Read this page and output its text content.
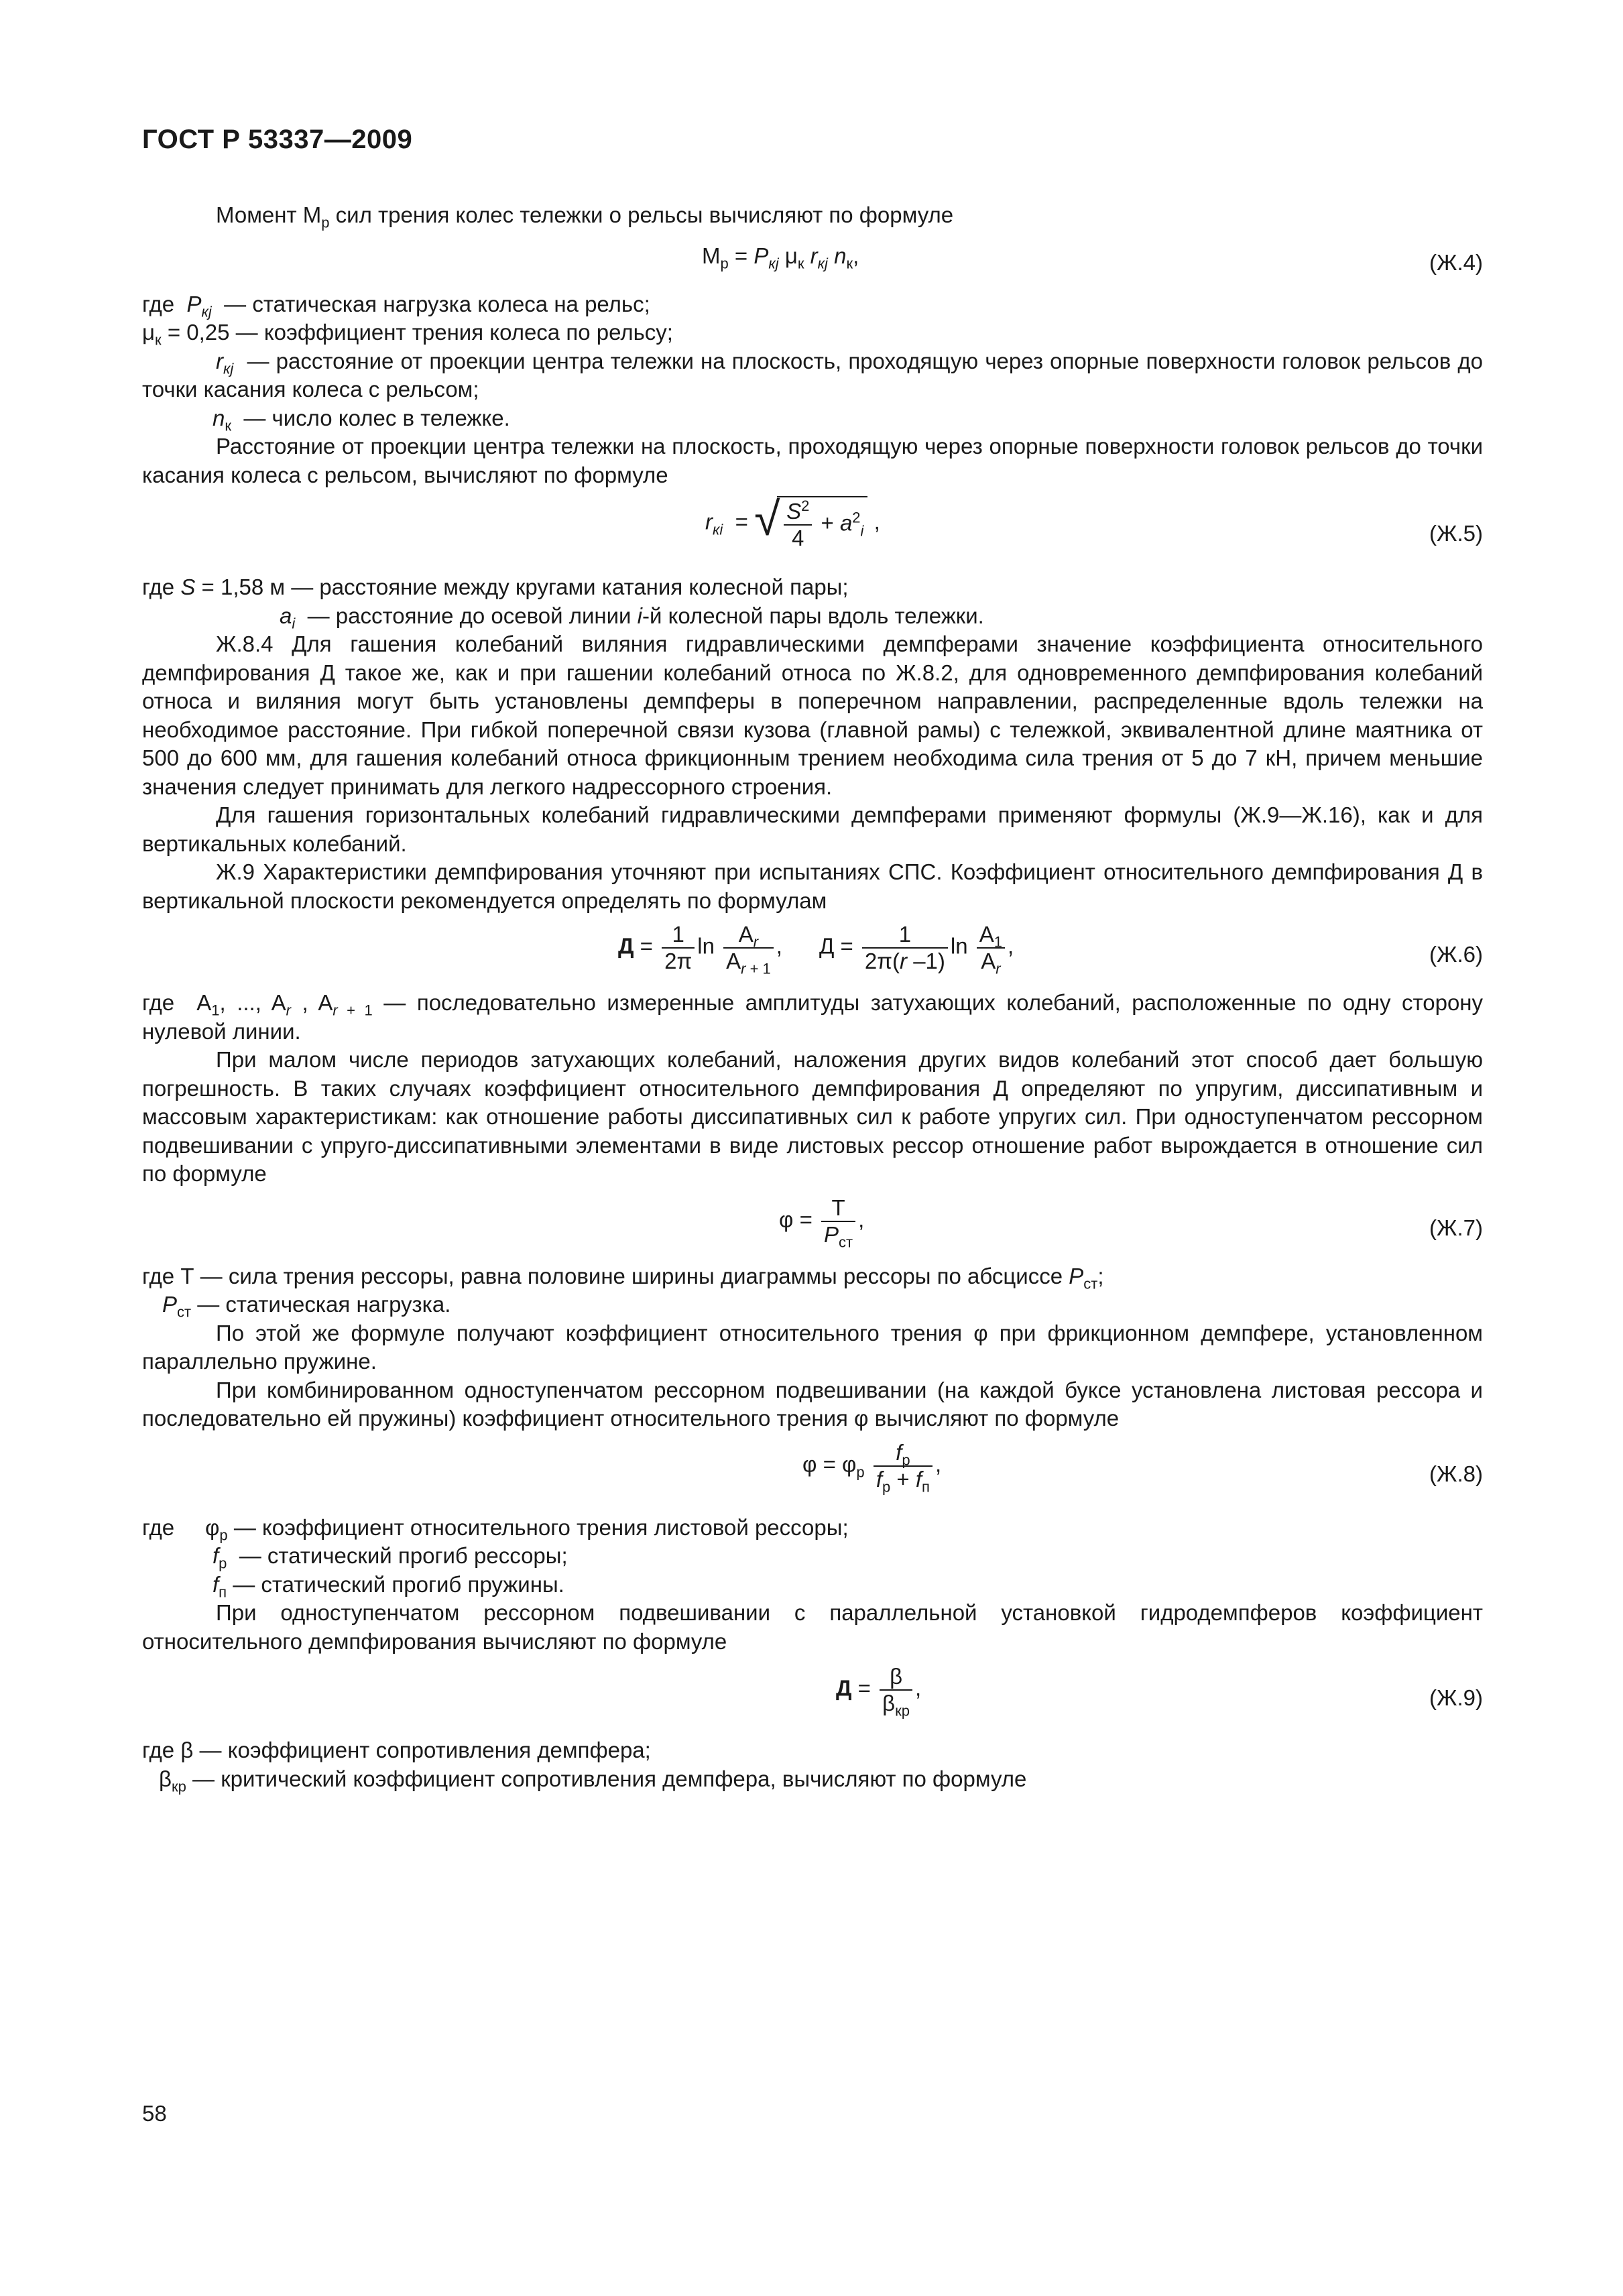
ГОСТ Р 53337—2009
Момент $М_р$ сил трения колес тележки о рельсы вычисляют по формуле
$М_р = P_{кj}$ $\mu_к$ $r_{кj}$ $n_к$,	(Ж.4)
где $P_{кj}$ — статическая нагрузка колеса на рельс;
$\mu_к = 0,25$ — коэффициент трения колеса по рельсу;
$r_{кj}$ — расстояние от проекции центра тележки на плоскость, проходящую через опорные поверхности головок рельсов до точки касания колеса с рельсом;
$n_к$ — число колес в тележке.
Расстояние от проекции центра тележки на плоскость, проходящую через опорные поверхности головок рельсов до точки касания колеса с рельсом, вычисляют по формуле
$r_{кi}$  = √ $\frac{S^2}{4} + a^2_i$ ,	(Ж.5)
где S = 1,58 м — расстояние между кругами катания колесной пары;
$a_i$ — расстояние до осевой линии i-й колесной пары вдоль тележки.
Ж.8.4 Для гашения колебаний виляния гидравлическими демпферами значение коэффициента относительного демпфирования Д такое же, как и при гашении колебаний относа по Ж.8.2, для одновременного демпфирования колебаний относа и виляния могут быть установлены демпферы в поперечном направлении, распределенные вдоль тележки на необходимое расстояние. При гибкой поперечной связи кузова (главной рамы) с тележкой, эквивалентной длине маятника от 500 до 600 мм, для гашения колебаний относа фрикционным трением необходима сила трения от 5 до 7 кН, причем меньшие значения следует принимать для легкого надрессорного строения.
Для гашения горизонтальных колебаний гидравлическими демпферами применяют формулы (Ж.9—Ж.16), как и для вертикальных колебаний.
Ж.9 Характеристики демпфирования уточняют при испытаниях СПС. Коэффициент относительного демпфирования Д в вертикальной плоскости рекомендуется определять по формулам
$Д = \frac{1}{2\pi}$ $\ln \frac{A_r}{A_r _{+ 1}}$ ,      $Д = \frac{1}{2\pi(r -1)}$ $\ln \frac{A_1}{A_r}$ ,	(Ж.6)
где  $A_1$, ..., $A_r$ , $A_r$ $_{+ 1}$ — последовательно измеренные амплитуды затухающих колебаний, расположенные по одну сторону нулевой линии.
При малом числе периодов затухающих колебаний, наложения других видов колебаний этот способ дает большую погрешность. В таких случаях коэффициент относительного демпфирования Д определяют по упругим, диссипативным и массовым характеристикам: как отношение работы диссипативных сил к работе упругих сил. При одноступенчатом рессорном подвешивании с упруго-диссипативными элементами в виде листовых рессор отношение работ вырождается в отношение сил по формуле
$\varphi = \frac{T}{P_{ст}}$ ,	(Ж.7)
где Т — сила трения рессоры, равна половине ширины диаграммы рессоры по абсциссе $P_{ст}$;
$P_{ст}$ — статическая нагрузка.
По этой же формуле получают коэффициент относительного трения φ при фрикционном демпфере, установленном параллельно пружине.
При комбинированном одноступенчатом рессорном подвешивании (на каждой буксе установлена листовая рессора и последовательно ей пружины) коэффициент относительного трения φ вычисляют по формуле
$\varphi = \varphi_р \frac{f_р}{f_р + f_п}$ ,	(Ж.8)
где     $\varphi_р$ — коэффициент относительного трения листовой рессоры;
$f_р$ — статический прогиб рессоры;
$f_п$ — статический прогиб пружины.
При одноступенчатом рессорном подвешивании с параллельной установкой гидродемпферов коэффициент относительного демпфирования вычисляют по формуле
$Д = \frac{\beta}{\beta_{кр}}$ ,	(Ж.9)
где β — коэффициент сопротивления демпфера;
$\beta_{кр}$ — критический коэффициент сопротивления демпфера, вычисляют по формуле
58
